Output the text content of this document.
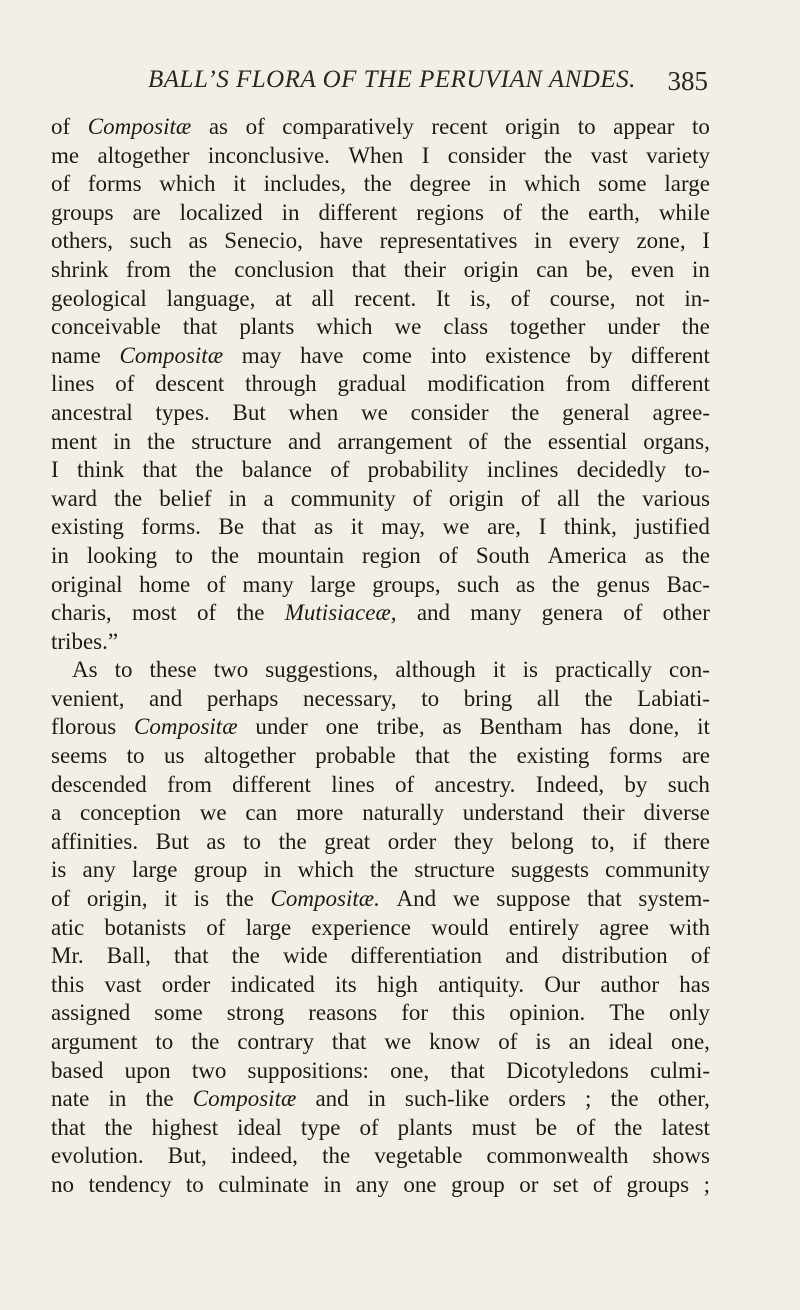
BALL’S FLORA OF THE PERUVIAN ANDES. 385
of Compositæ as of comparatively recent origin to appear to
me altogether inconclusive. When I consider the vast variety
of forms which it includes, the degree in which some large
groups are localized in different regions of the earth, while
others, such as Senecio, have representatives in every zone, I
shrink from the conclusion that their origin can be, even in
geological language, at all recent. It is, of course, not in-
conceivable that plants which we class together under the
name Compositæ may have come into existence by different
lines of descent through gradual modification from different
ancestral types. But when we consider the general agree-
ment in the structure and arrangement of the essential organs,
I think that the balance of probability inclines decidedly to-
ward the belief in a community of origin of all the various
existing forms. Be that as it may, we are, I think, justified
in looking to the mountain region of South America as the
original home of many large groups, such as the genus Bac-
charis, most of the Mutisiaceæ, and many genera of other
tribes.”
As to these two suggestions, although it is practically con-
venient, and perhaps necessary, to bring all the Labiati-
florous Compositæ under one tribe, as Bentham has done, it
seems to us altogether probable that the existing forms are
descended from different lines of ancestry. Indeed, by such
a conception we can more naturally understand their diverse
affinities. But as to the great order they belong to, if there
is any large group in which the structure suggests community
of origin, it is the Compositæ. And we suppose that system-
atic botanists of large experience would entirely agree with
Mr. Ball, that the wide differentiation and distribution of
this vast order indicated its high antiquity. Our author has
assigned some strong reasons for this opinion. The only
argument to the contrary that we know of is an ideal one,
based upon two suppositions: one, that Dicotyledons culmi-
nate in the Compositæ and in such-like orders ; the other,
that the highest ideal type of plants must be of the latest
evolution. But, indeed, the vegetable commonwealth shows
no tendency to culminate in any one group or set of groups ;
